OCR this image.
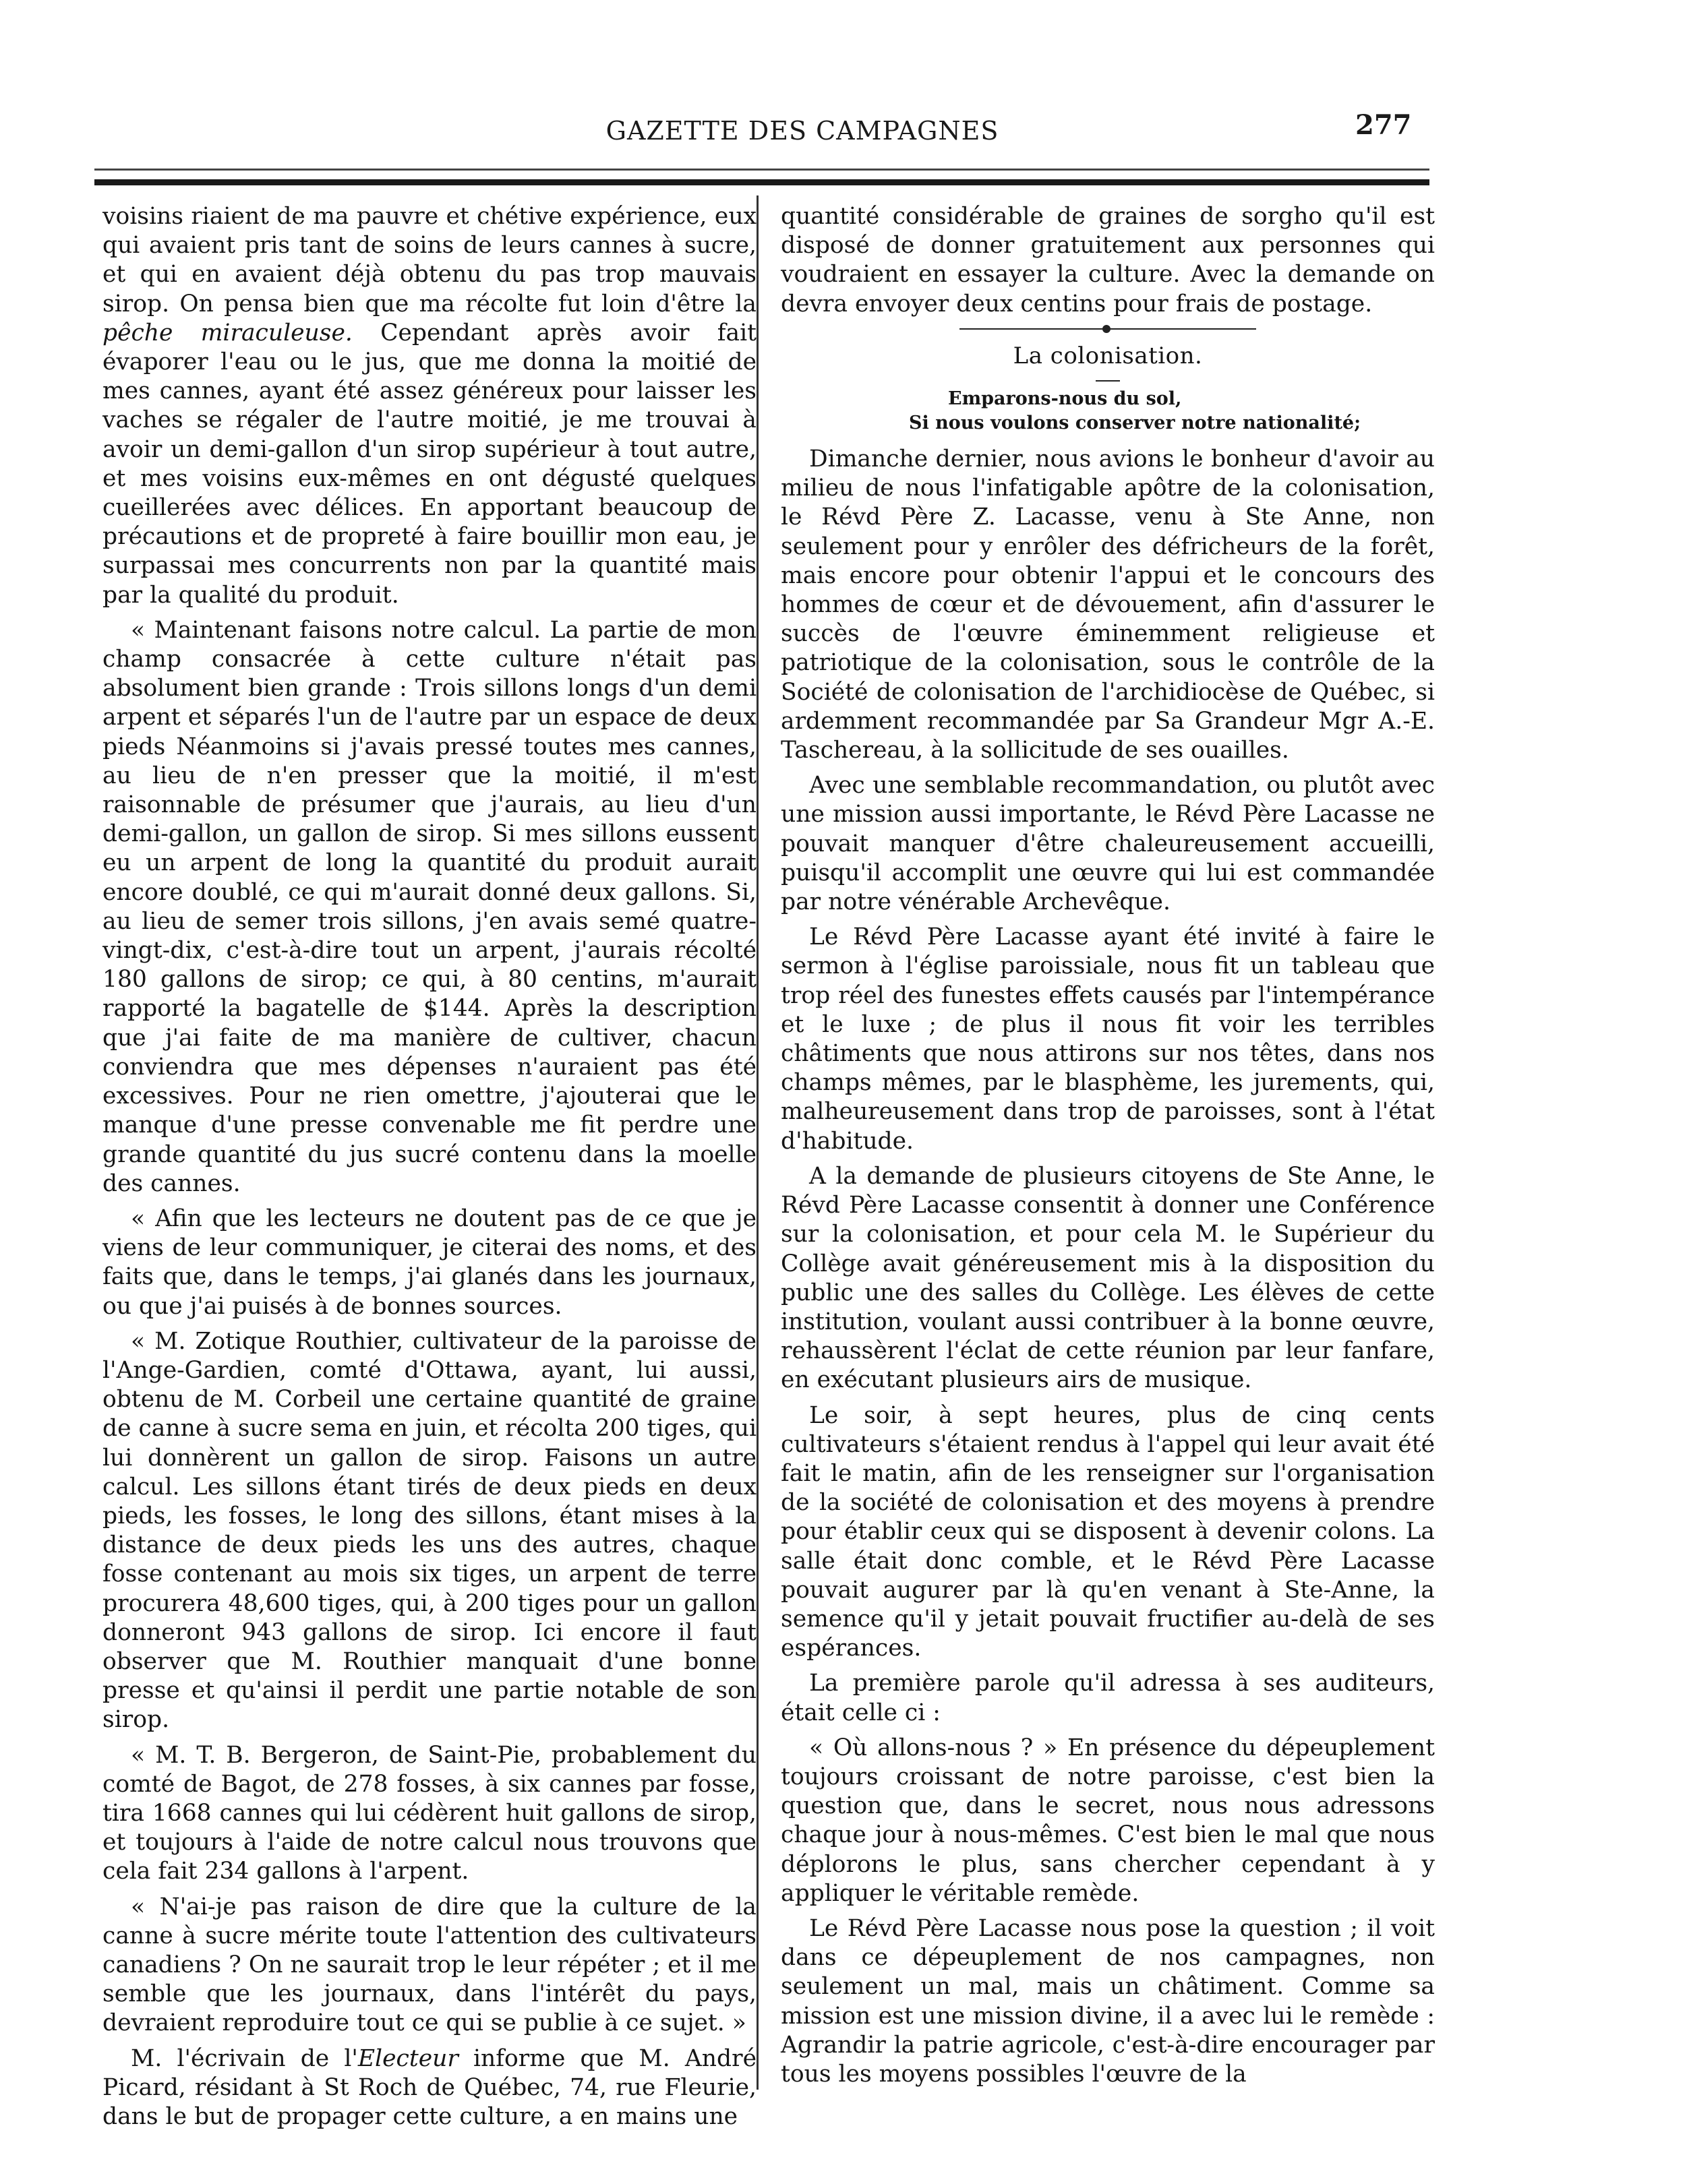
GAZETTE DES CAMPAGNES	277

voisins riaient de ma pauvre et chétive expérience, eux qui avaient pris tant de soins de leurs cannes à sucre, et qui en avaient déjà obtenu du pas trop mauvais sirop. On pensa bien que ma récolte fut loin d'être la pêche miraculeuse. Cependant après avoir fait évaporer l'eau ou le jus, que me donna la moitié de mes cannes, ayant été assez généreux pour laisser les vaches se régaler de l'autre moitié, je me trouvai à avoir un demi-gallon d'un sirop supérieur à tout autre, et mes voisins eux-mêmes en ont dégusté quelques cueillerées avec délices. En apportant beaucoup de précautions et de propreté à faire bouillir mon eau, je surpassai mes concurrents non par la quantité mais par la qualité du produit.

« Maintenant faisons notre calcul. La partie de mon champ consacrée à cette culture n'était pas absolument bien grande : Trois sillons longs d'un demi arpent et séparés l'un de l'autre par un espace de deux pieds Néanmoins si j'avais pressé toutes mes cannes, au lieu de n'en presser que la moitié, il m'est raisonnable de présumer que j'aurais, au lieu d'un demi-gallon, un gallon de sirop. Si mes sillons eussent eu un arpent de long la quantité du produit aurait encore doublé, ce qui m'aurait donné deux gallons. Si, au lieu de semer trois sillons, j'en avais semé quatre-vingt-dix, c'est-à-dire tout un arpent, j'aurais récolté 180 gallons de sirop; ce qui, à 80 centins, m'aurait rapporté la bagatelle de $144. Après la description que j'ai faite de ma manière de cultiver, chacun conviendra que mes dépenses n'auraient pas été excessives. Pour ne rien omettre, j'ajouterai que le manque d'une presse convenable me fit perdre une grande quantité du jus sucré contenu dans la moelle des cannes.

« Afin que les lecteurs ne doutent pas de ce que je viens de leur communiquer, je citerai des noms, et des faits que, dans le temps, j'ai glanés dans les journaux, ou que j'ai puisés à de bonnes sources.

« M. Zotique Routhier, cultivateur de la paroisse de l'Ange-Gardien, comté d'Ottawa, ayant, lui aussi, obtenu de M. Corbeil une certaine quantité de graine de canne à sucre sema en juin, et récolta 200 tiges, qui lui donnèrent un gallon de sirop. Faisons un autre calcul. Les sillons étant tirés de deux pieds en deux pieds, les fosses, le long des sillons, étant mises à la distance de deux pieds les uns des autres, chaque fosse contenant au mois six tiges, un arpent de terre procurera 48,600 tiges, qui, à 200 tiges pour un gallon donneront 943 gallons de sirop. Ici encore il faut observer que M. Routhier manquait d'une bonne presse et qu'ainsi il perdit une partie notable de son sirop.

« M. T. B. Bergeron, de Saint-Pie, probablement du comté de Bagot, de 278 fosses, à six cannes par fosse, tira 1668 cannes qui lui cédèrent huit gallons de sirop, et toujours à l'aide de notre calcul nous trouvons que cela fait 234 gallons à l'arpent.

« N'ai-je pas raison de dire que la culture de la canne à sucre mérite toute l'attention des cultivateurs canadiens ? On ne saurait trop le leur répéter ; et il me semble que les journaux, dans l'intérêt du pays, devraient reproduire tout ce qui se publie à ce sujet. »

M. l'écrivain de l'Electeur informe que M. André Picard, résidant à St Roch de Québec, 74, rue Fleurie, dans le but de propager cette culture, a en mains une

quantité considérable de graines de sorgho qu'il est disposé de donner gratuitement aux personnes qui voudraient en essayer la culture. Avec la demande on devra envoyer deux centins pour frais de postage.

La colonisation.
Emparons-nous du sol,
Si nous voulons conserver notre nationalité;

Dimanche dernier, nous avions le bonheur d'avoir au milieu de nous l'infatigable apôtre de la colonisation, le Révd Père Z. Lacasse, venu à Ste Anne, non seulement pour y enrôler des défricheurs de la forêt, mais encore pour obtenir l'appui et le concours des hommes de cœur et de dévouement, afin d'assurer le succès de l'œuvre éminemment religieuse et patriotique de la colonisation, sous le contrôle de la Société de colonisation de l'archidiocèse de Québec, si ardemment recommandée par Sa Grandeur Mgr A.-E. Taschereau, à la sollicitude de ses ouailles.

Avec une semblable recommandation, ou plutôt avec une mission aussi importante, le Révd Père Lacasse ne pouvait manquer d'être chaleureusement accueilli, puisqu'il accomplit une œuvre qui lui est commandée par notre vénérable Archevêque.

Le Révd Père Lacasse ayant été invité à faire le sermon à l'église paroissiale, nous fit un tableau que trop réel des funestes effets causés par l'intempérance et le luxe ; de plus il nous fit voir les terribles châtiments que nous attirons sur nos têtes, dans nos champs mêmes, par le blasphème, les jurements, qui, malheureusement dans trop de paroisses, sont à l'état d'habitude.

A la demande de plusieurs citoyens de Ste Anne, le Révd Père Lacasse consentit à donner une Conférence sur la colonisation, et pour cela M. le Supérieur du Collège avait généreusement mis à la disposition du public une des salles du Collège. Les élèves de cette institution, voulant aussi contribuer à la bonne œuvre, rehaussèrent l'éclat de cette réunion par leur fanfare, en exécutant plusieurs airs de musique.

Le soir, à sept heures, plus de cinq cents cultivateurs s'étaient rendus à l'appel qui leur avait été fait le matin, afin de les renseigner sur l'organisation de la société de colonisation et des moyens à prendre pour établir ceux qui se disposent à devenir colons. La salle était donc comble, et le Révd Père Lacasse pouvait augurer par là qu'en venant à Ste-Anne, la semence qu'il y jetait pouvait fructifier au-delà de ses espérances.

La première parole qu'il adressa à ses auditeurs, était celle ci :

« Où allons-nous ? » En présence du dépeuplement toujours croissant de notre paroisse, c'est bien la question que, dans le secret, nous nous adressons chaque jour à nous-mêmes. C'est bien le mal que nous déplorons le plus, sans chercher cependant à y appliquer le véritable remède.

Le Révd Père Lacasse nous pose la question ; il voit dans ce dépeuplement de nos campagnes, non seulement un mal, mais un châtiment. Comme sa mission est une mission divine, il a avec lui le remède : Agrandir la patrie agricole, c'est-à-dire encourager par tous les moyens possibles l'œuvre de la
